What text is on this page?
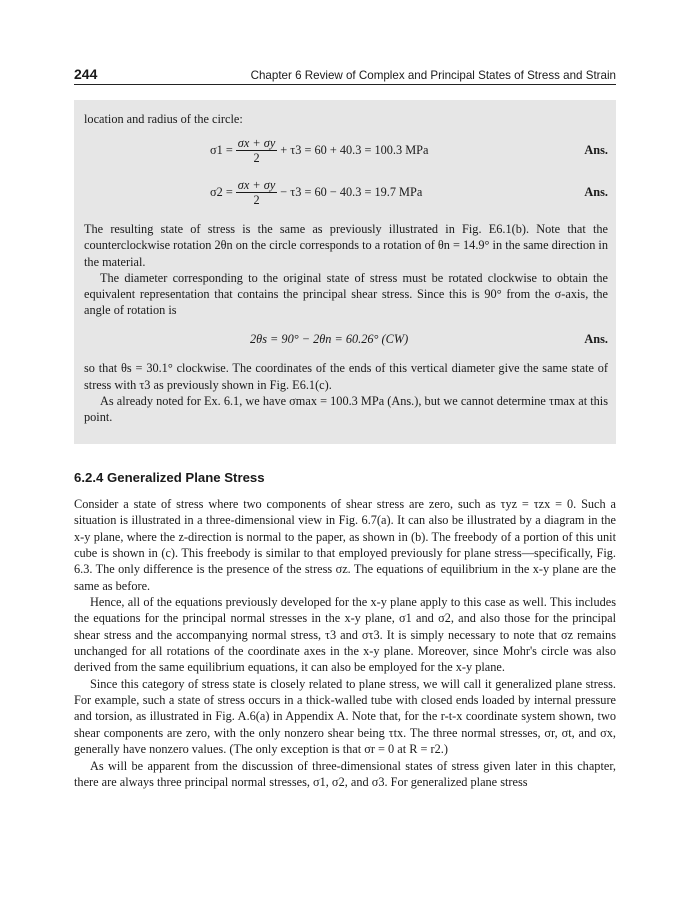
244	Chapter 6 Review of Complex and Principal States of Stress and Strain

location and radius of the circle:

$\sigma 1 = \frac{\sigma x + \sigma y}{2} + \tau 3 = 60 + 40.3 = 100.3$ MPa	Ans.
$\sigma 2 = \frac{\sigma x + \sigma y}{2} - \tau 3 = 60 - 40.3 = 19.7$ MPa	Ans.

The resulting state of stress is the same as previously illustrated in Fig. E6.1(b). Note that the counterclockwise rotation 2θn on the circle corresponds to a rotation of θn = 14.9° in the same direction in the material.

The diameter corresponding to the original state of stress must be rotated clockwise to obtain the equivalent representation that contains the principal shear stress. Since this is 90° from the σ-axis, the angle of rotation is

2θs = 90° − 2θn = 60.26° (CW)	Ans.

so that θs = 30.1° clockwise. The coordinates of the ends of this vertical diameter give the same state of stress with τ3 as previously shown in Fig. E6.1(c).

As already noted for Ex. 6.1, we have σmax = 100.3 MPa (Ans.), but we cannot determine τmax at this point.

6.2.4 Generalized Plane Stress

Consider a state of stress where two components of shear stress are zero, such as τyz = τzx = 0. Such a situation is illustrated in a three-dimensional view in Fig. 6.7(a). It can also be illustrated by a diagram in the x-y plane, where the z-direction is normal to the paper, as shown in (b). The freebody of a portion of this unit cube is shown in (c). This freebody is similar to that employed previously for plane stress—specifically, Fig. 6.3. The only difference is the presence of the stress σz. The equations of equilibrium in the x-y plane are the same as before.

Hence, all of the equations previously developed for the x-y plane apply to this case as well. This includes the equations for the principal normal stresses in the x-y plane, σ1 and σ2, and also those for the principal shear stress and the accompanying normal stress, τ3 and στ3. It is simply necessary to note that σz remains unchanged for all rotations of the coordinate axes in the x-y plane. Moreover, since Mohr's circle was also derived from the same equilibrium equations, it can also be employed for the x-y plane.

Since this category of stress state is closely related to plane stress, we will call it generalized plane stress. For example, such a state of stress occurs in a thick-walled tube with closed ends loaded by internal pressure and torsion, as illustrated in Fig. A.6(a) in Appendix A. Note that, for the r-t-x coordinate system shown, two shear components are zero, with the only nonzero shear being τtx. The three normal stresses, σr, σt, and σx, generally have nonzero values. (The only exception is that σr = 0 at R = r2.)

As will be apparent from the discussion of three-dimensional states of stress given later in this chapter, there are always three principal normal stresses, σ1, σ2, and σ3. For generalized plane stress
